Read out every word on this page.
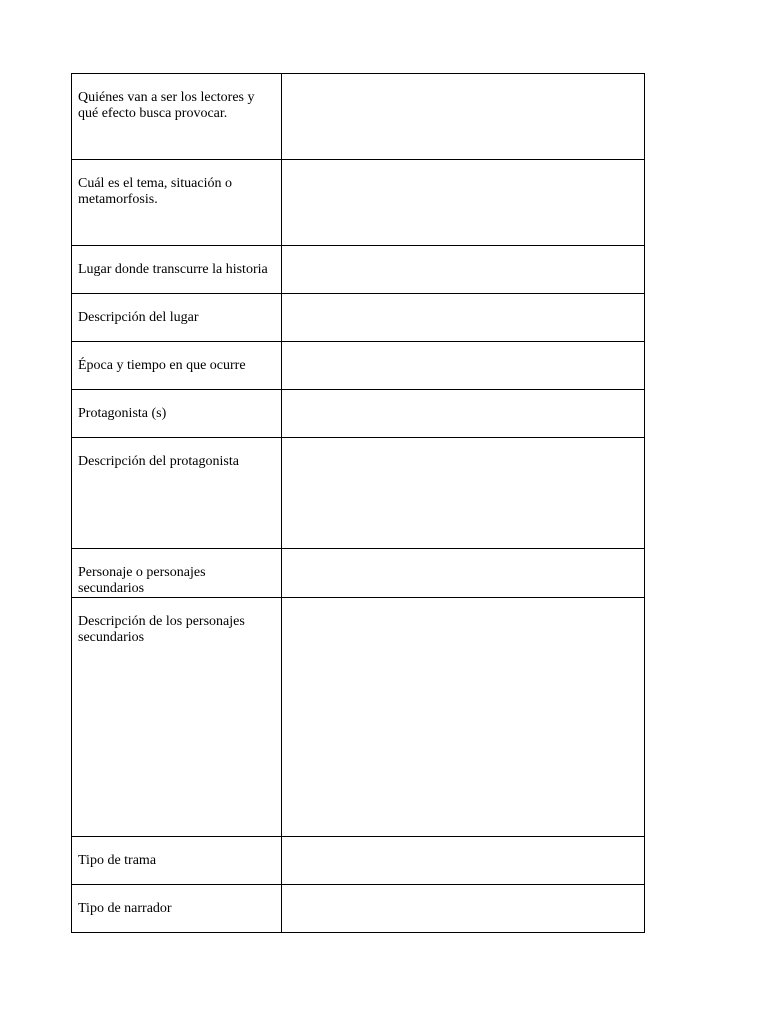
Quiénes van a ser los lectores y qué efecto busca provocar.	

Cuál es el tema, situación o metamorfosis.	

Lugar donde transcurre la historia	

Descripción del lugar	

Época y tiempo en que ocurre	

Protagonista (s)	

Descripción del protagonista	

Personaje o personajes secundarios	

Descripción de los personajes secundarios	

Tipo de trama	

Tipo de narrador	
